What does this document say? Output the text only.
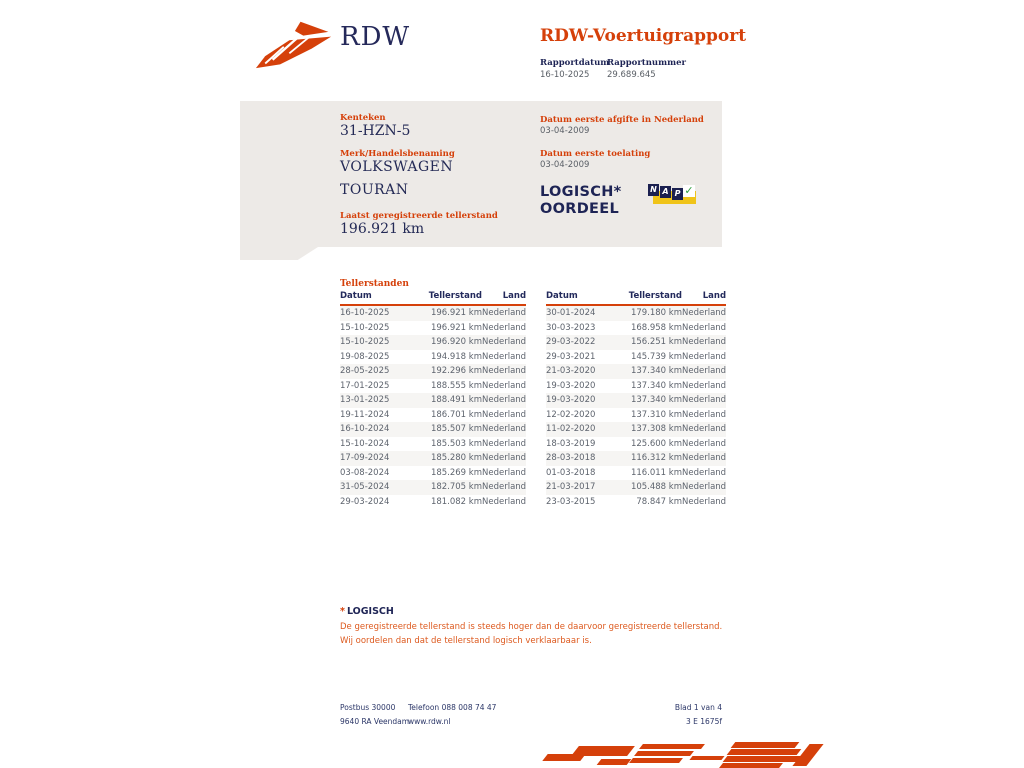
RDW	RDW-Voertuigrapport
Rapportdatum
Rapportnummer
16-10-2025 29.689.645
Kenteken
31-HZN-5
Merk/Handelsbenaming
VOLKSWAGEN
TOURAN
Laatst geregistreerde tellerstand
196.921 km
Datum eerste afgifte in Nederland
03-04-2009
Datum eerste toelating
03-04-2009
LOGISCH*
OORDEEL
N A P ✓
Tellerstanden
Datum	Tellerstand	Land
16-10-2025	196.921 km	Nederland
15-10-2025	196.921 km	Nederland
15-10-2025	196.920 km	Nederland
19-08-2025	194.918 km	Nederland
28-05-2025	192.296 km	Nederland
17-01-2025	188.555 km	Nederland
13-01-2025	188.491 km	Nederland
19-11-2024	186.701 km	Nederland
16-10-2024	185.507 km	Nederland
15-10-2024	185.503 km	Nederland
17-09-2024	185.280 km	Nederland
03-08-2024	185.269 km	Nederland
31-05-2024	182.705 km	Nederland
29-03-2024	181.082 km	Nederland
Datum	Tellerstand	Land
30-01-2024	179.180 km	Nederland
30-03-2023	168.958 km	Nederland
29-03-2022	156.251 km	Nederland
29-03-2021	145.739 km	Nederland
21-03-2020	137.340 km	Nederland
19-03-2020	137.340 km	Nederland
19-03-2020	137.340 km	Nederland
12-02-2020	137.310 km	Nederland
11-02-2020	137.308 km	Nederland
18-03-2019	125.600 km	Nederland
28-03-2018	116.312 km	Nederland
01-03-2018	116.011 km	Nederland
21-03-2017	105.488 km	Nederland
23-03-2015	78.847 km	Nederland
* LOGISCH
De geregistreerde tellerstand is steeds hoger dan de daarvoor geregistreerde tellerstand. Wij oordelen dan dat de tellerstand logisch verklaarbaar is.
Postbus 30000
9640 RA Veendam
Telefoon 088 008 74 47
www.rdw.nl
Blad 1 van 4
3 E 1675f
